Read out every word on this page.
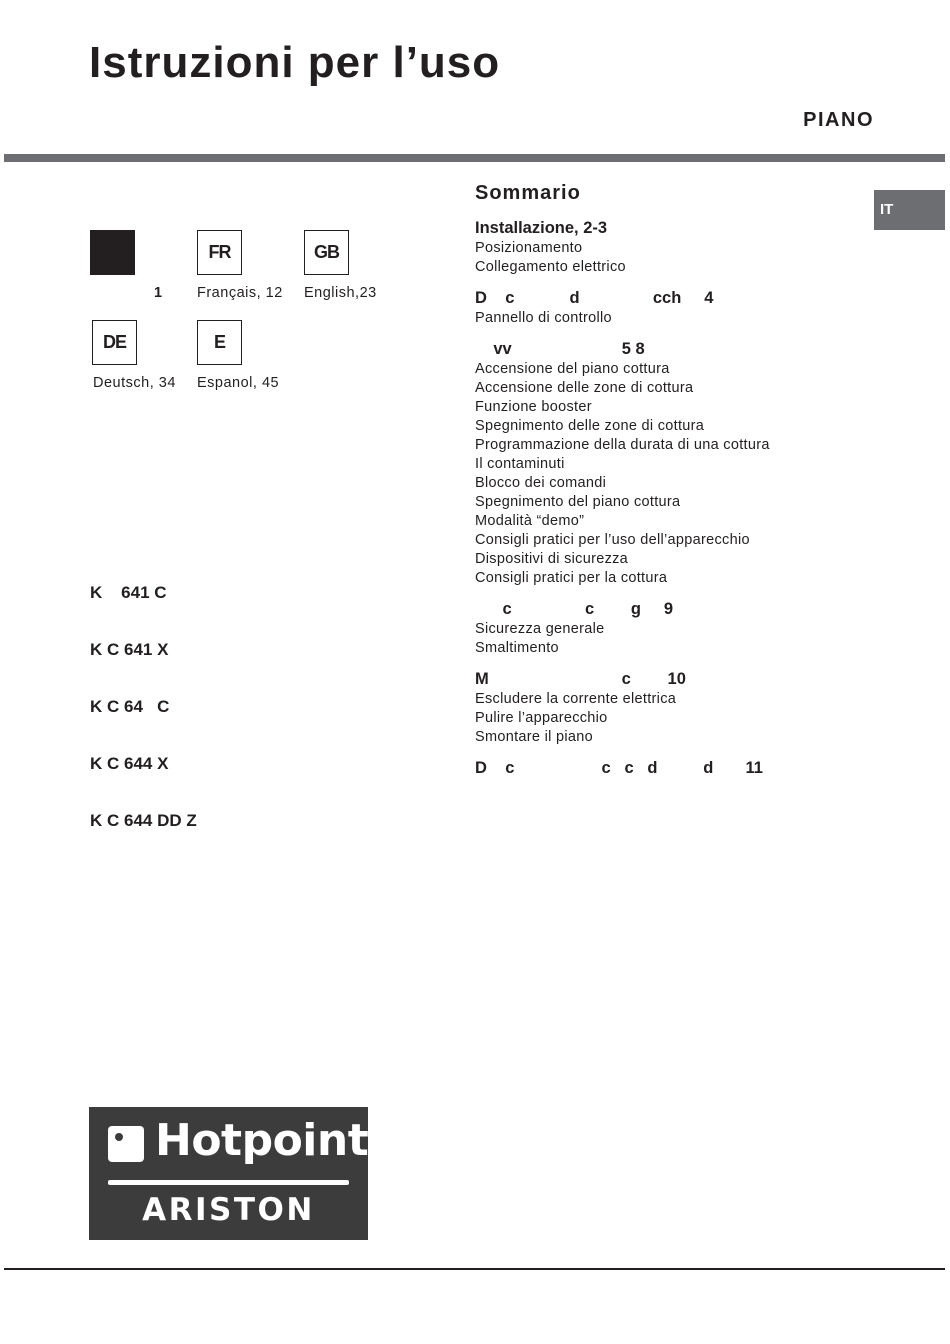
Istruzioni per l’uso
PIANO
IT
1
FR
Français, 12
GB
English,23
DE
Deutsch, 34
E
Espanol, 45

K    641 C

K C 641 X

K C 64   C

K C 644 X

K C 644 DD Z

Sommario
Installazione, 2-3
Posizionamento
Collegamento elettrico
D    c            d                cch     4
Pannello di controllo
vv                        5 8
Accensione del piano cottura
Accensione delle zone di cottura
Funzione booster
Spegnimento delle zone di cottura
Programmazione della durata di una cottura
Il contaminuti
Blocco dei comandi
Spegnimento del piano cottura
Modalità “demo”
Consigli pratici per l’uso dell’apparecchio
Dispositivi di sicurezza
Consigli pratici per la cottura
c                c        g     9
Sicurezza generale
Smaltimento
M                             c        10
Escludere la corrente elettrica
Pulire l’apparecchio
Smontare il piano
D    c                   c   c   d          d       11
Hotpoint
ARISTON
